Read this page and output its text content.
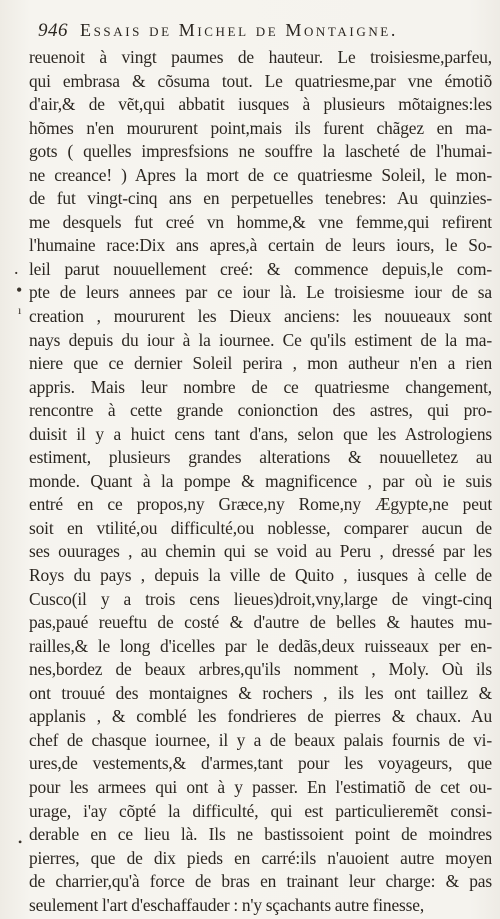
946 Essais de Michel de Montaigne.
.
•
ı
•
reuenoit à vingt paumes de hauteur. Le troisiesme,parfeu,
qui embrasa & cõsuma tout. Le quatriesme,par vne émotiõ
d'air,& de vẽt,qui abbatit iusques à plusieurs mõtaignes:les
hõmes n'en moururent point,mais ils furent chãgez en ma-
gots ( quelles impresfsions ne souffre la lascheté de l'humai-
ne creance! ) Apres la mort de ce quatriesme Soleil, le mon-
de fut vingt-cinq ans en perpetuelles tenebres: Au quinzies-
me desquels fut creé vn homme,& vne femme,qui refirent
l'humaine race:Dix ans apres,à certain de leurs iours, le So-
leil parut nouuellement creé: & commence depuis,le com-
pte de leurs annees par ce iour là. Le troisiesme iour de sa
creation , moururent les Dieux anciens: les nouueaux sont
nays depuis du iour à la iournee. Ce qu'ils estiment de la ma-
niere que ce dernier Soleil perira , mon autheur n'en a rien
appris. Mais leur nombre de ce quatriesme changement,
rencontre à cette grande conionction des astres, qui pro-
duisit il y a huict cens tant d'ans, selon que les Astrologiens
estiment, plusieurs grandes alterations & nouuelletez au
monde. Quant à la pompe & magnificence , par où ie suis
entré en ce propos,ny Græce,ny Rome,ny Ægypte,ne peut
soit en vtilité,ou difficulté,ou noblesse, comparer aucun de
ses ouurages , au chemin qui se void au Peru , dressé par les
Roys du pays , depuis la ville de Quito , iusques à celle de
Cusco(il y a trois cens lieues)droit,vny,large de vingt-cinq
pas,paué reueftu de costé & d'autre de belles & hautes mu-
railles,& le long d'icelles par le dedãs,deux ruisseaux per en-
nes,bordez de beaux arbres,qu'ils nomment , Moly. Où ils
ont trouué des montaignes & rochers , ils les ont taillez &
applanis , & comblé les fondrieres de pierres & chaux. Au
chef de chasque iournee, il y a de beaux palais fournis de vi-
ures,de vestements,& d'armes,tant pour les voyageurs, que
pour les armees qui ont à y passer. En l'estimatiõ de cet ou-
urage, i'ay cõpté la difficulté, qui est particulieremẽt consi-
derable en ce lieu là. Ils ne bastissoient point de moindres
pierres, que de dix pieds en carré:ils n'auoient autre moyen
de charrier,qu'à force de bras en trainant leur charge: & pas
seulement l'art d'eschaffauder : n'y sçachants autre finesse,
